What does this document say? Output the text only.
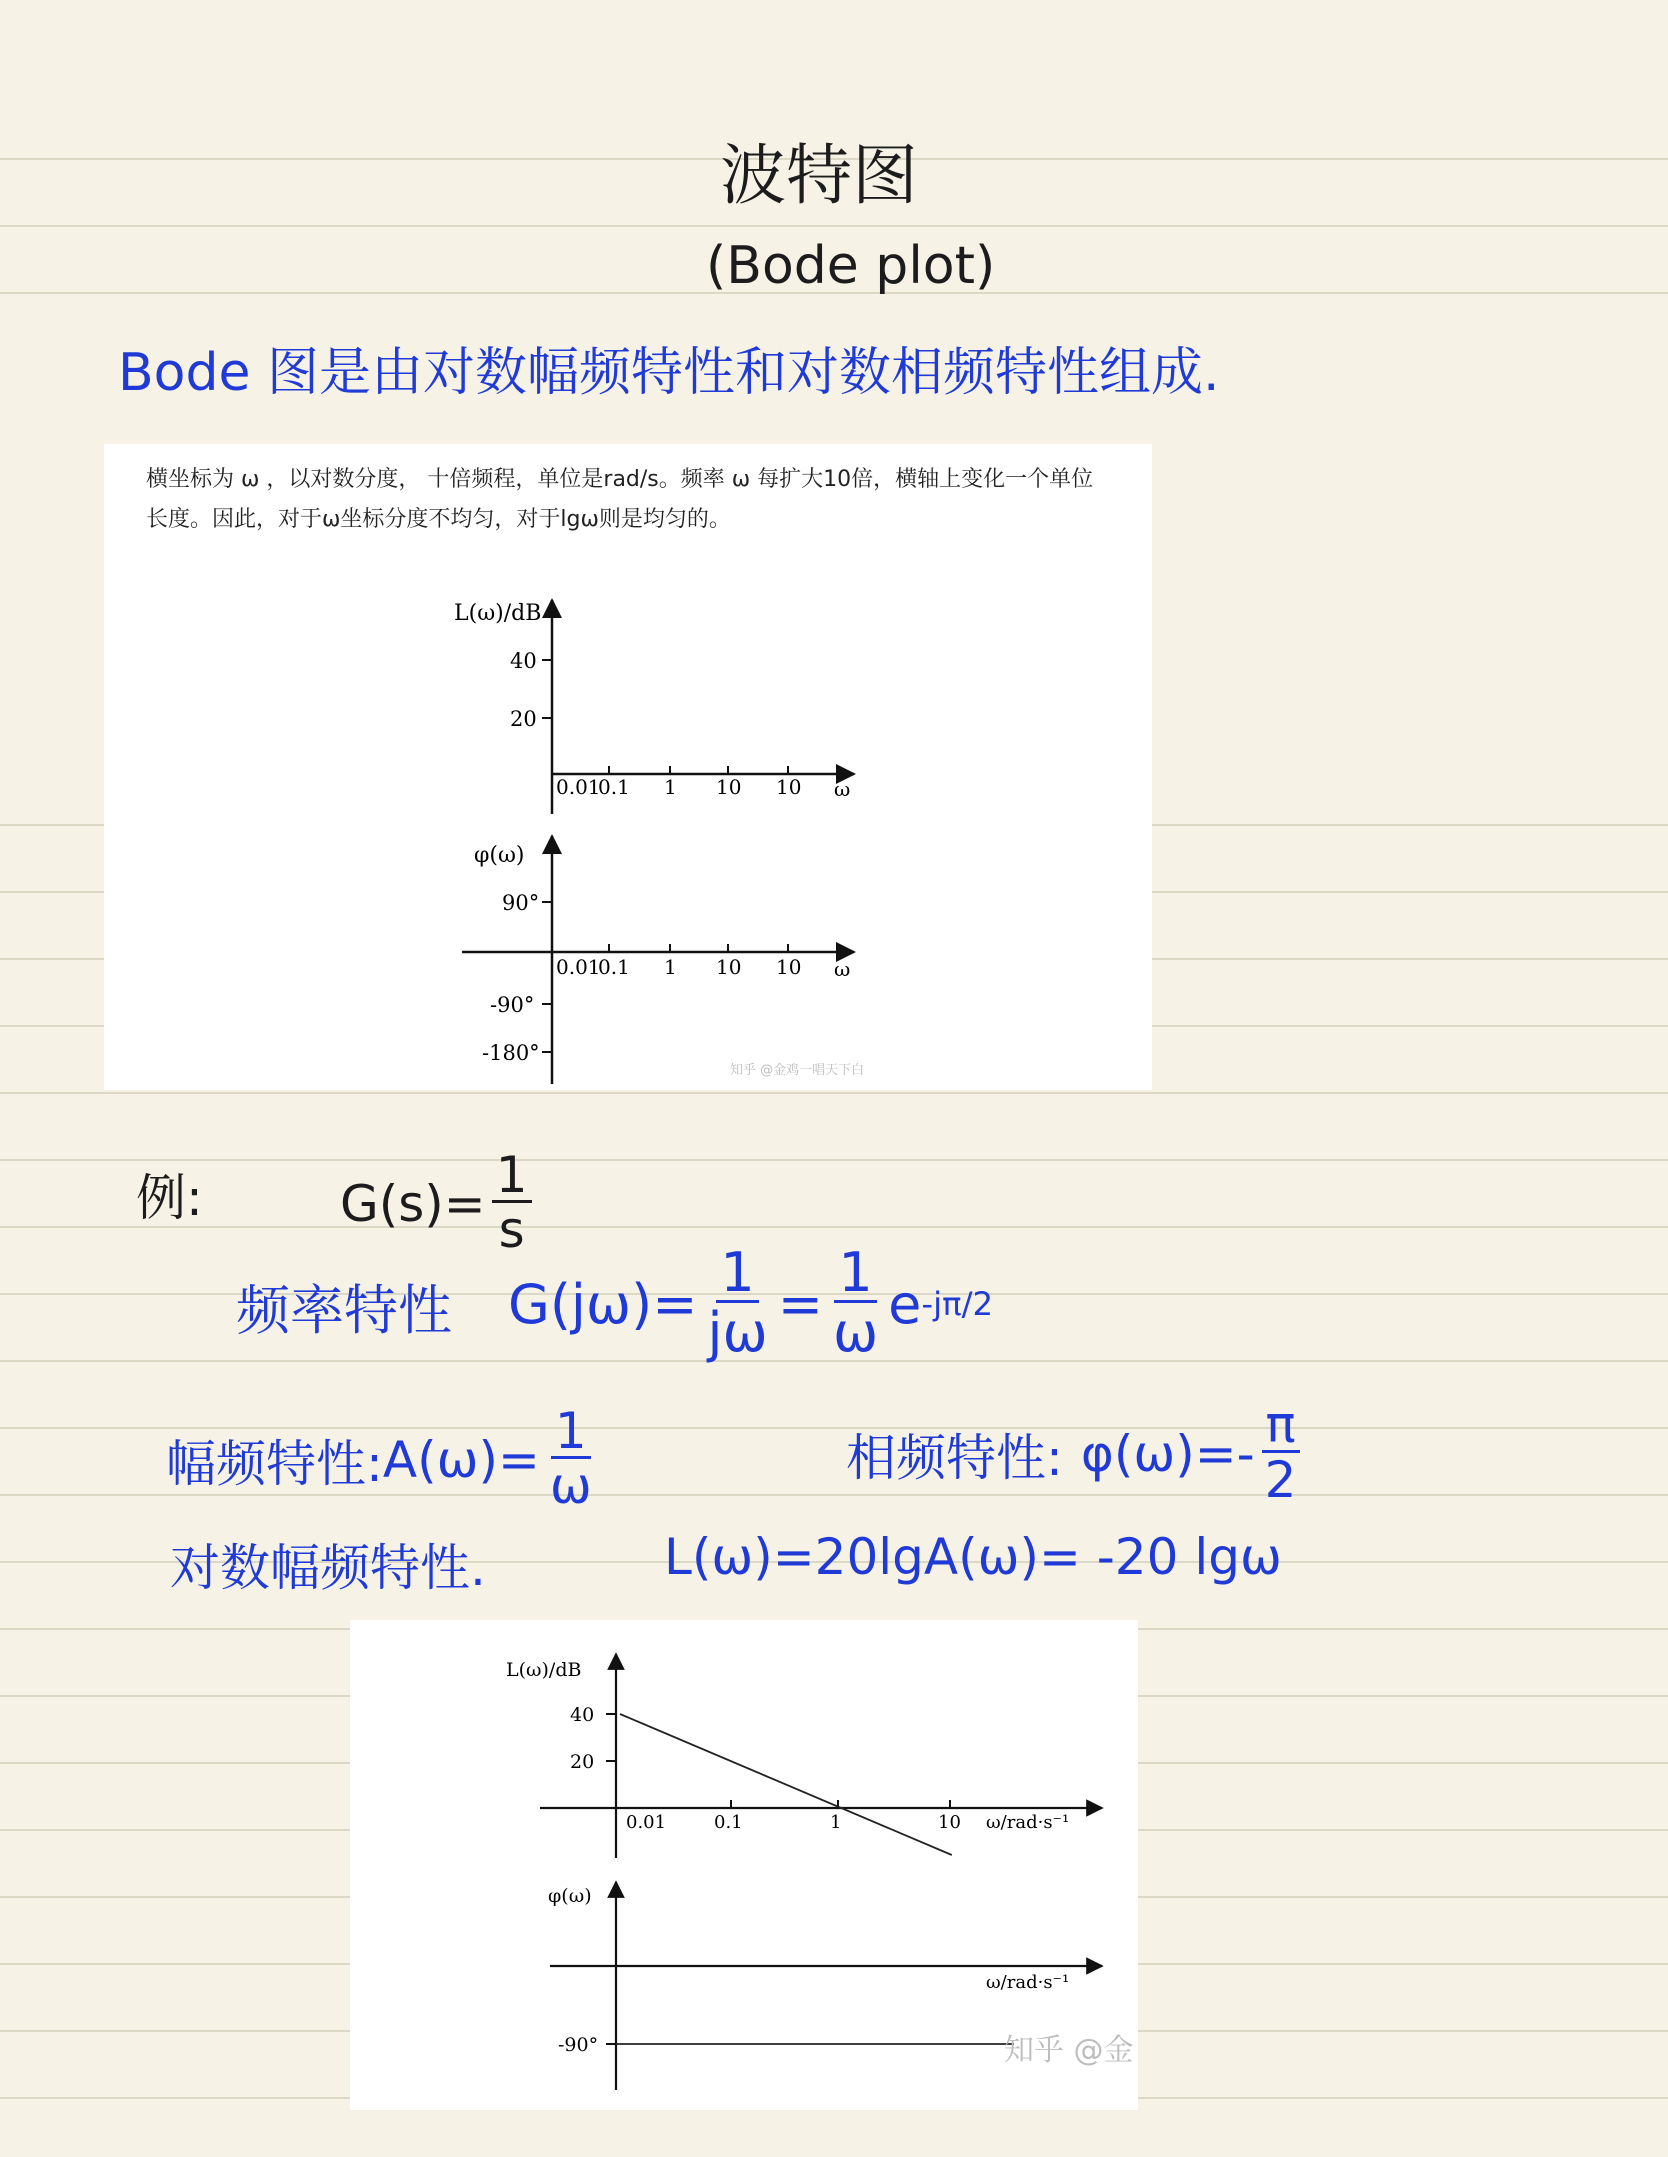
波特图
(Bode plot)
Bode 图是由对数幅频特性和对数相频特性组成.
横坐标为 ω ，以对数分度， 十倍频程，单位是rad/s。频率 ω 每扩大10倍，横轴上变化一个单位
长度。因此，对于ω坐标分度不均匀，对于lgω则是均匀的。
L(ω)/dB
40
20
0.01
0.1 1 10 10 ω
φ(ω)
90°
-90°
-180°
0.01
0.1 1 10 10 ω
知乎 @金鸡一唱天下白
例:	$G(s)= \frac{1}{s}$
频率特性 $G(j\omega)= \frac{1}{j\omega} = \frac{1}{\omega}$ e -jπ/2
幅频特性: $A(\omega)= \frac{1}{\omega}$	相频特性: $\varphi(\omega)=- \frac{\pi}{2}$
对数幅频特性.	L(ω)=20lgA(ω)= -20 lgω
L(ω)/dB
40
20
0.01	0.1	1	10 ω/rad·s⁻¹
φ(ω)
ω/rad·s⁻¹
-90°	知乎 @金
